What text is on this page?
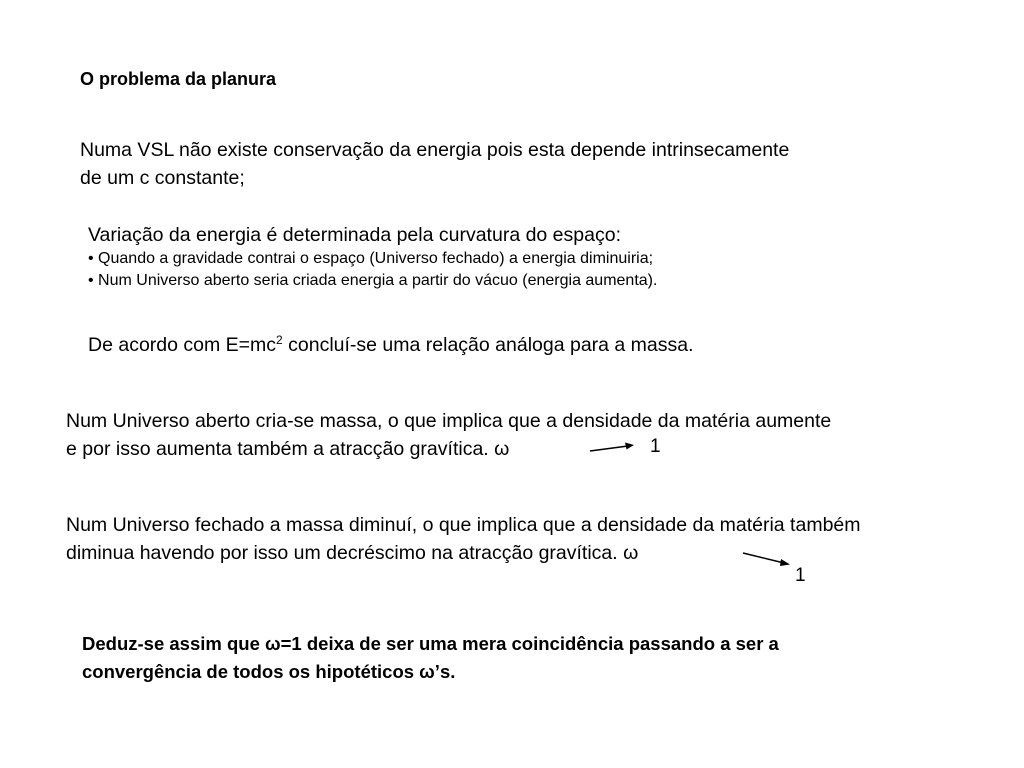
O problema da planura
Numa VSL não existe conservação da energia pois esta depende intrinsecamente
de um c constante;
Variação da energia é determinada pela curvatura do espaço:
• Quando a gravidade contrai o espaço (Universo fechado) a energia diminuiria;
• Num Universo aberto seria criada energia a partir do vácuo (energia aumenta).
De acordo com $E=mc^2$ concluí-se uma relação análoga para a massa.
Num Universo aberto cria-se massa, o que implica que a densidade da matéria aumente
e por isso aumenta também a atracção gravítica. ω	1
Num Universo fechado a massa diminuí, o que implica que a densidade da matéria também
diminua havendo por isso um decréscimo na atracção gravítica. ω
1
Deduz-se assim que ω=1 deixa de ser uma mera coincidência passando a ser a
convergência de todos os hipotéticos ω’s.
